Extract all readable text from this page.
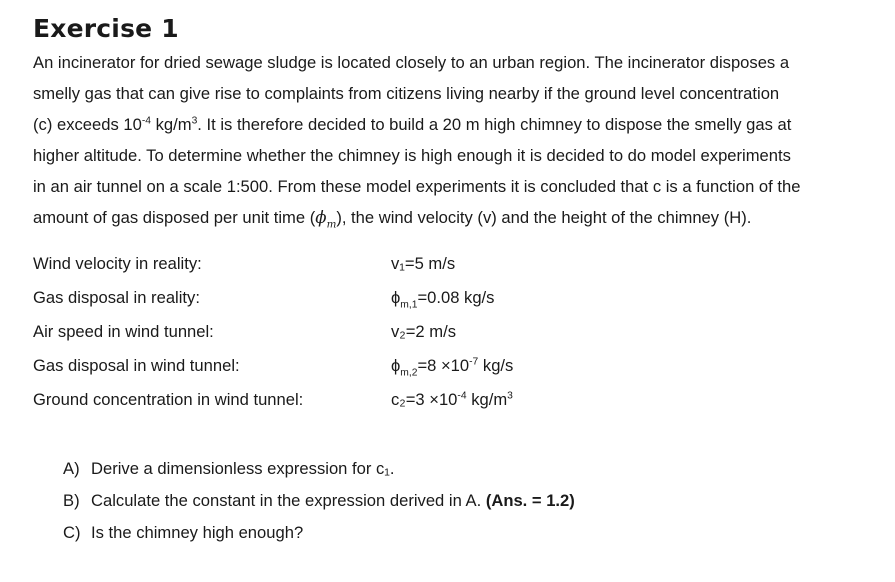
Exercise 1

An incinerator for dried sewage sludge is located closely to an urban region. The incinerator disposes a
smelly gas that can give rise to complaints from citizens living nearby if the ground level concentration
(c) exceeds $10^{-4}$ $kg/m^3$. It is therefore decided to build a 20 m high chimney to dispose the smelly gas at
higher altitude. To determine whether the chimney is high enough it is decided to do model experiments
in an air tunnel on a scale 1:500. From these model experiments it is concluded that c is a function of the
amount of gas disposed per unit time $(\phi_m)$, the wind velocity (v) and the height of the chimney (H).

Wind velocity in reality:	v₁=5 m/s
Gas disposal in reality:	$\phi_{m,1}=0.08$ kg/s
Air speed in wind tunnel:	v₂=2 m/s
Gas disposal in wind tunnel:	$\phi_{m,2}=8 \times 10^{-7}$ kg/s
Ground concentration in wind tunnel:	$c_2=3 \times 10^{-4}$ $kg/m^3$
A) Derive a dimensionless expression for c₁.
B) Calculate the constant in the expression derived in A. (Ans. = 1.2)
C) Is the chimney high enough?
